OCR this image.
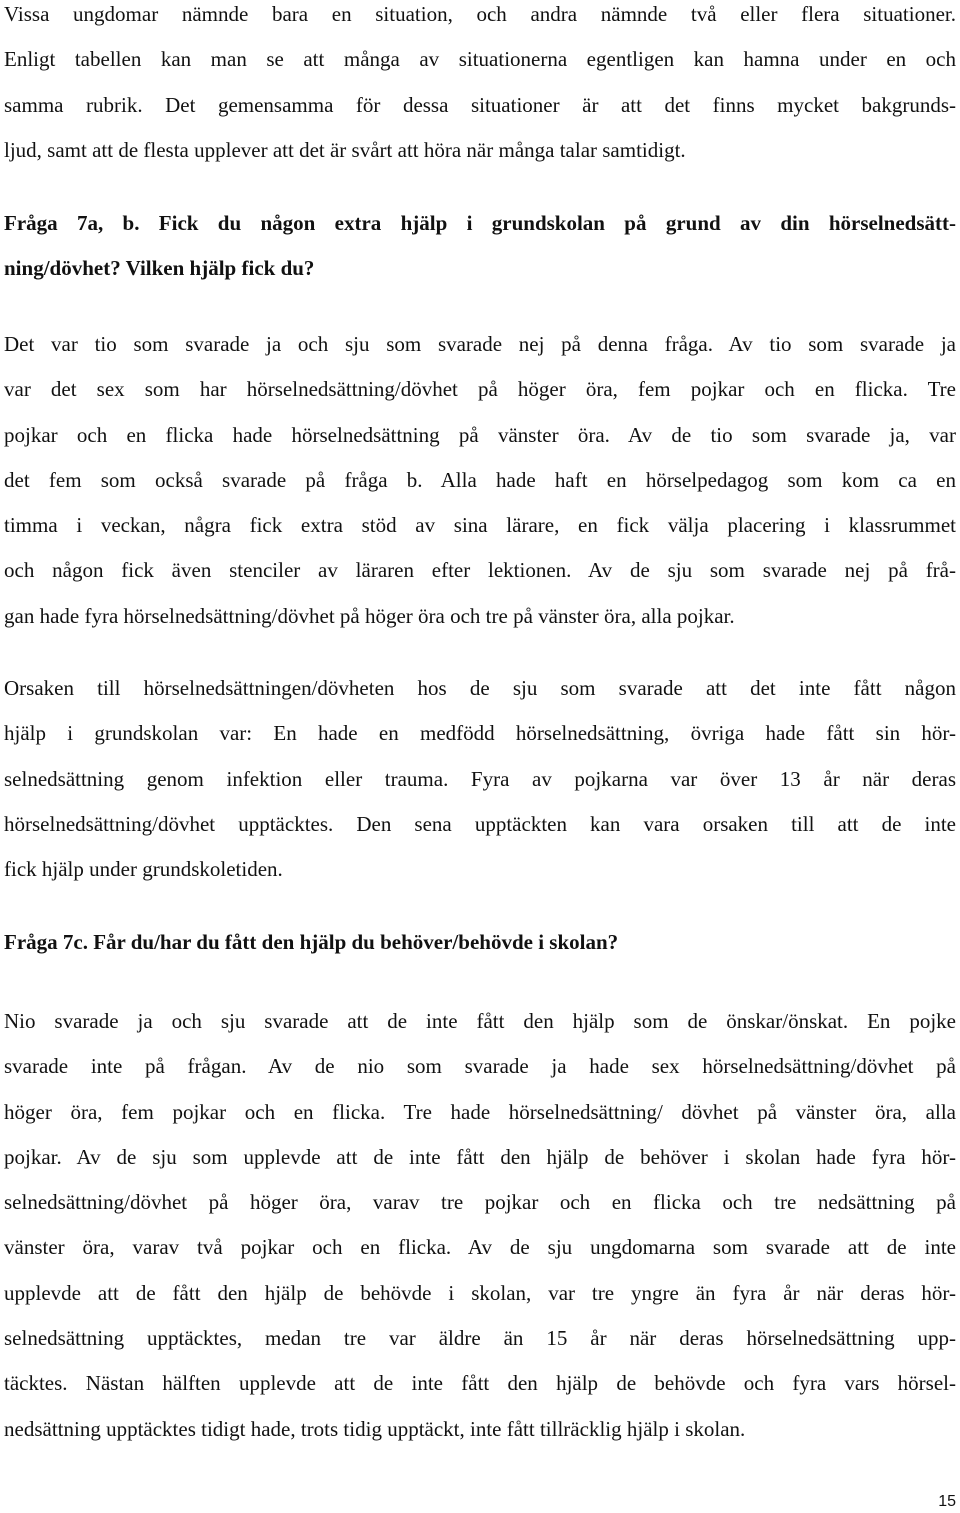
Vissa ungdomar nämnde bara en situation, och andra nämnde två eller flera situationer.
Enligt tabellen kan man se att många av situationerna egentligen kan hamna under en och
samma rubrik. Det gemensamma för dessa situationer är att det finns mycket bakgrunds-
ljud, samt att de flesta upplever att det är svårt att höra när många talar samtidigt.
Fråga 7a, b. Fick du någon extra hjälp i grundskolan på grund av din hörselnedsätt-
ning/dövhet? Vilken hjälp fick du?
Det var tio som svarade ja och sju som svarade nej på denna fråga. Av tio som svarade ja
var det sex som har hörselnedsättning/dövhet på höger öra, fem pojkar och en flicka. Tre
pojkar och en flicka hade hörselnedsättning på vänster öra. Av de tio som svarade ja, var
det fem som också svarade på fråga b. Alla hade haft en hörselpedagog som kom ca en
timma i veckan, några fick extra stöd av sina lärare, en fick välja placering i klassrummet
och någon fick även stenciler av läraren efter lektionen. Av de sju som svarade nej på frå-
gan hade fyra hörselnedsättning/dövhet på höger öra och tre på vänster öra, alla pojkar.
Orsaken till hörselnedsättningen/dövheten hos de sju som svarade att det inte fått någon
hjälp i grundskolan var: En hade en medfödd hörselnedsättning, övriga hade fått sin hör-
selnedsättning genom infektion eller trauma. Fyra av pojkarna var över 13 år när deras
hörselnedsättning/dövhet upptäcktes. Den sena upptäckten kan vara orsaken till att de inte
fick hjälp under grundskoletiden.
Fråga 7c. Får du/har du fått den hjälp du behöver/behövde i skolan?
Nio svarade ja och sju svarade att de inte fått den hjälp som de önskar/önskat. En pojke
svarade inte på frågan. Av de nio som svarade ja hade sex hörselnedsättning/dövhet på
höger öra, fem pojkar och en flicka. Tre hade hörselnedsättning/ dövhet på vänster öra, alla
pojkar. Av de sju som upplevde att de inte fått den hjälp de behöver i skolan hade fyra hör-
selnedsättning/dövhet på höger öra, varav tre pojkar och en flicka och tre nedsättning på
vänster öra, varav två pojkar och en flicka. Av de sju ungdomarna som svarade att de inte
upplevde att de fått den hjälp de behövde i skolan, var tre yngre än fyra år när deras hör-
selnedsättning upptäcktes, medan tre var äldre än 15 år när deras hörselnedsättning upp-
täcktes. Nästan hälften upplevde att de inte fått den hjälp de behövde och fyra vars hörsel-
nedsättning upptäcktes tidigt hade, trots tidig upptäckt, inte fått tillräcklig hjälp i skolan.
15
